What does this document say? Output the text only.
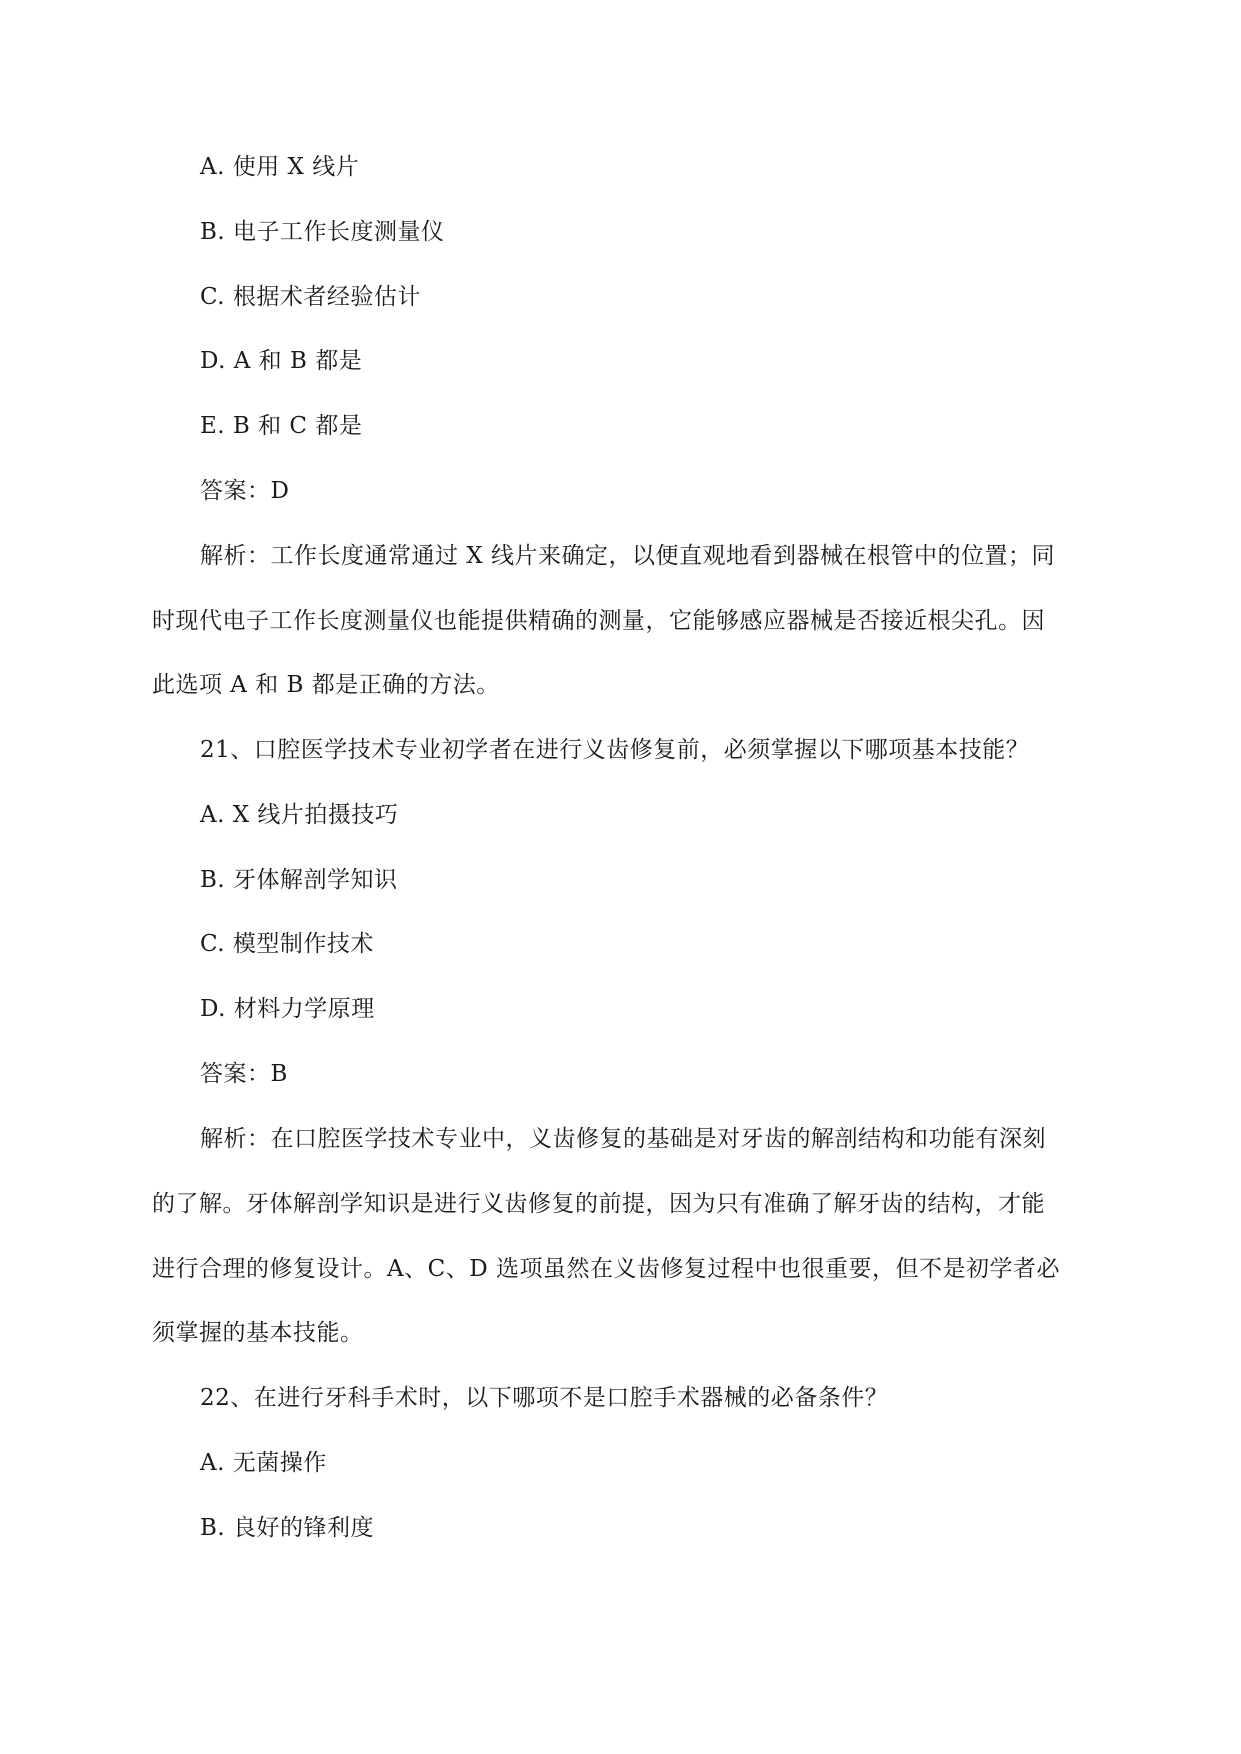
A. 使用 X 线片
B. 电子工作长度测量仪
C. 根据术者经验估计
D. A 和 B 都是
E. B 和 C 都是
答案：D
解析：工作长度通常通过 X 线片来确定，以便直观地看到器械在根管中的位置；同
时现代电子工作长度测量仪也能提供精确的测量，它能够感应器械是否接近根尖孔。因
此选项 A 和 B 都是正确的方法。
21、口腔医学技术专业初学者在进行义齿修复前，必须掌握以下哪项基本技能？
A. X 线片拍摄技巧
B. 牙体解剖学知识
C. 模型制作技术
D. 材料力学原理
答案：B
解析：在口腔医学技术专业中，义齿修复的基础是对牙齿的解剖结构和功能有深刻
的了解。牙体解剖学知识是进行义齿修复的前提，因为只有准确了解牙齿的结构，才能
进行合理的修复设计。A、C、D 选项虽然在义齿修复过程中也很重要，但不是初学者必
须掌握的基本技能。
22、在进行牙科手术时，以下哪项不是口腔手术器械的必备条件？
A. 无菌操作
B. 良好的锋利度
